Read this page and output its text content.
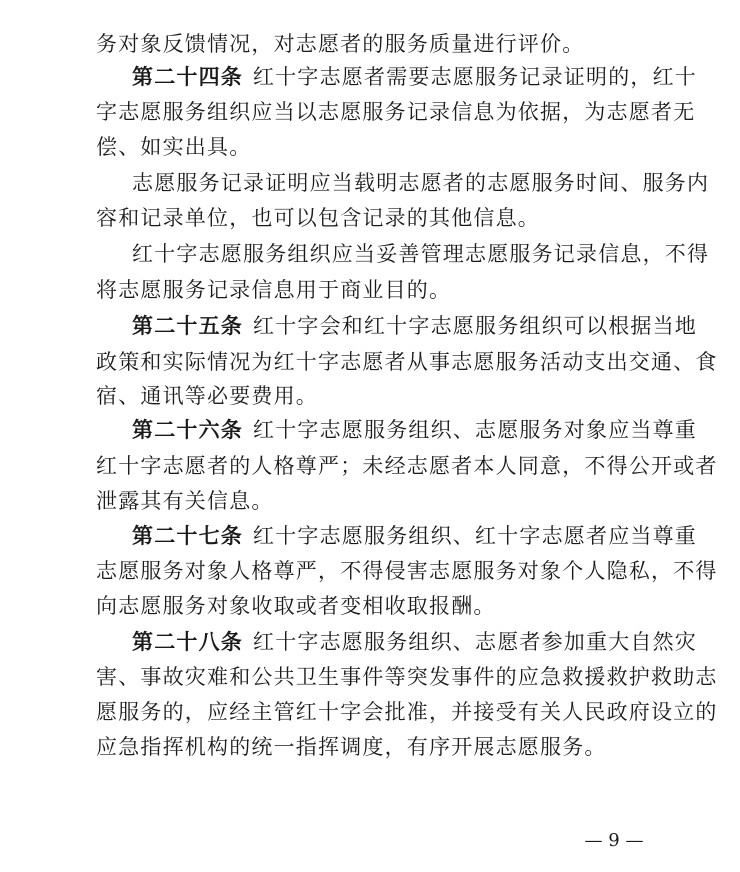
务对象反馈情况，对志愿者的服务质量进行评价。
第二十四条 红十字志愿者需要志愿服务记录证明的，红十
字志愿服务组织应当以志愿服务记录信息为依据，为志愿者无
偿、如实出具。
志愿服务记录证明应当载明志愿者的志愿服务时间、服务内
容和记录单位，也可以包含记录的其他信息。
红十字志愿服务组织应当妥善管理志愿服务记录信息，不得
将志愿服务记录信息用于商业目的。
第二十五条 红十字会和红十字志愿服务组织可以根据当地
政策和实际情况为红十字志愿者从事志愿服务活动支出交通、食
宿、通讯等必要费用。
第二十六条 红十字志愿服务组织、志愿服务对象应当尊重
红十字志愿者的人格尊严；未经志愿者本人同意，不得公开或者
泄露其有关信息。
第二十七条 红十字志愿服务组织、红十字志愿者应当尊重
志愿服务对象人格尊严，不得侵害志愿服务对象个人隐私，不得
向志愿服务对象收取或者变相收取报酬。
第二十八条 红十字志愿服务组织、志愿者参加重大自然灾
害、事故灾难和公共卫生事件等突发事件的应急救援救护救助志
愿服务的，应经主管红十字会批准，并接受有关人民政府设立的
应急指挥机构的统一指挥调度，有序开展志愿服务。
— 9 —
